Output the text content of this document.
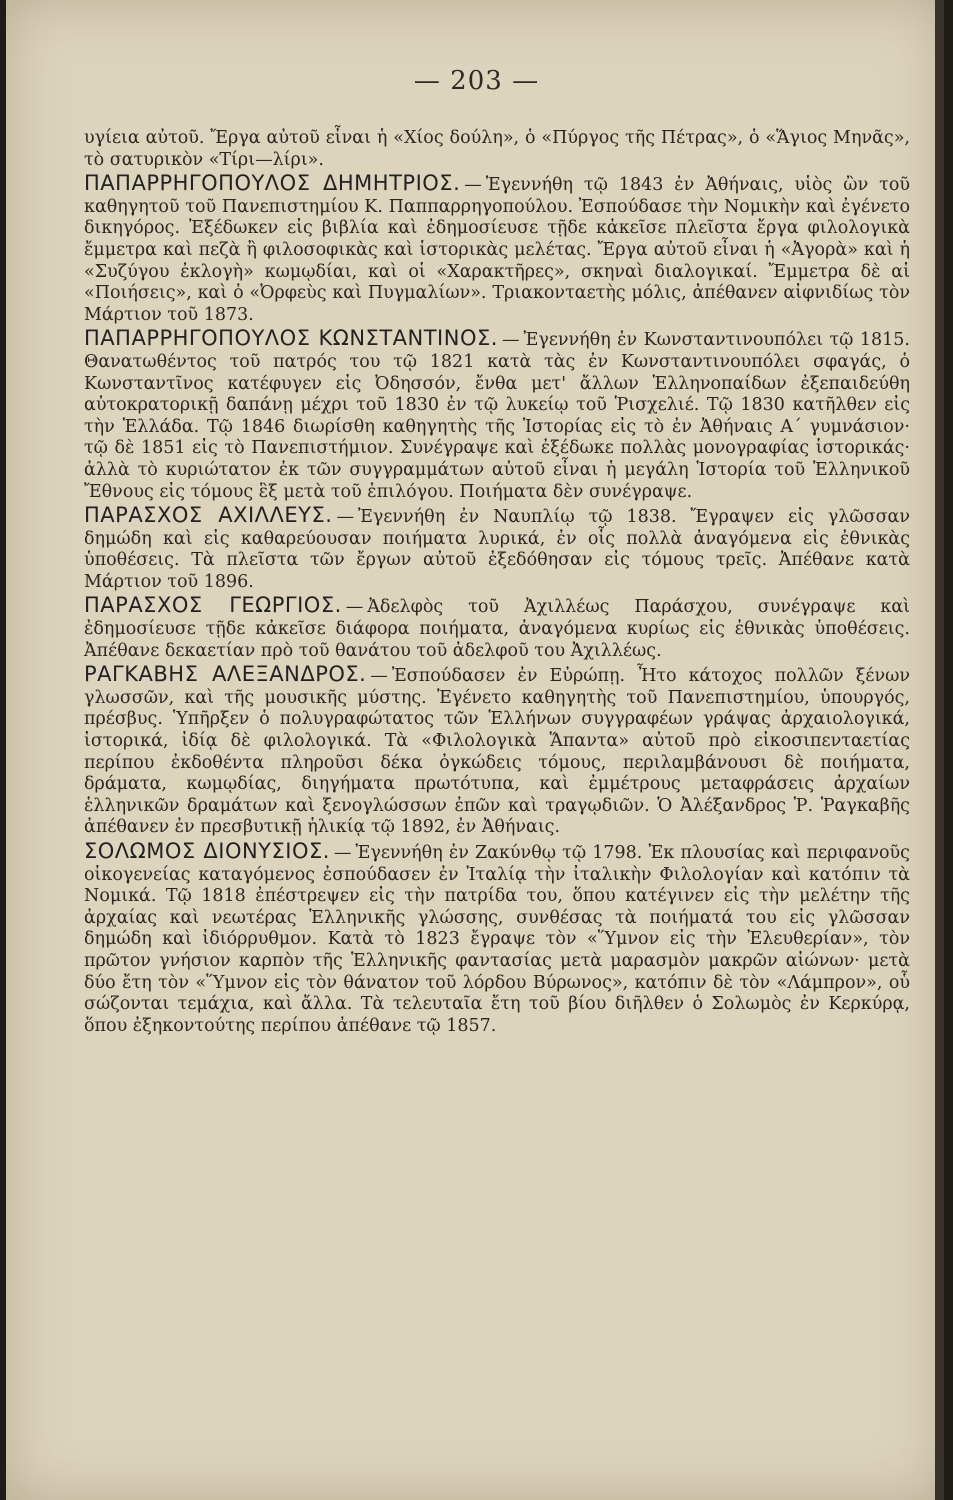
— 203 —

υγίεια αὐτοῦ. Ἔργα αὐτοῦ εἶναι ἡ «Χίος δούλη», ὁ «Πύργος τῆς Πέτρας», ὁ «Ἅγιος Μηνᾶς», τὸ σατυρικὸν «Τίρι—λίρι».

ΠΑΠΑΡΡΗΓΟΠΟΥΛΟΣ ΔΗΜΗΤΡΙΟΣ. — Ἐγεννήθη τῷ 1843 ἐν Ἀθήναις, υἱὸς ὢν τοῦ καθηγητοῦ τοῦ Πανεπιστημίου Κ. Παππαρρηγοπούλου. Ἐσπούδασε τὴν Νομικὴν καὶ ἐγένετο δικηγόρος. Ἐξέδωκεν εἰς βιβλία καὶ ἐδημοσίευσε τῇδε κἀκεῖσε πλεῖστα ἔργα φιλολογικὰ ἔμμετρα καὶ πεζὰ ἢ φιλοσοφικὰς καὶ ἱστορικὰς μελέτας. Ἔργα αὐτοῦ εἶναι ἡ «Ἀγορὰ» καὶ ἡ «Συζύγου ἐκλογὴ» κωμῳδίαι, καὶ οἱ «Χαρακτῆρες», σκηναὶ διαλογικαί. Ἔμμετρα δὲ αἱ «Ποιήσεις», καὶ ὁ «Ὀρφεὺς καὶ Πυγμαλίων». Τριακονταετὴς μόλις, ἀπέθανεν αἰφνιδίως τὸν Μάρτιον τοῦ 1873.

ΠΑΠΑΡΡΗΓΟΠΟΥΛΟΣ ΚΩΝΣΤΑΝΤΙΝΟΣ. — Ἐγεννήθη ἐν Κωνσταντινουπόλει τῷ 1815. Θανατωθέντος τοῦ πατρός του τῷ 1821 κατὰ τὰς ἐν Κωνσταντινουπόλει σφαγάς, ὁ Κωνσταντῖνος κατέφυγεν εἰς Ὀδησσόν, ἔνθα μετ' ἄλλων Ἑλληνοπαίδων ἐξεπαιδεύθη αὐτοκρατορικῇ δαπάνῃ μέχρι τοῦ 1830 ἐν τῷ λυκείῳ τοῦ Ῥισχελιέ. Τῷ 1830 κατῆλθεν εἰς τὴν Ἑλλάδα. Τῷ 1846 διωρίσθη καθηγητὴς τῆς Ἱστορίας εἰς τὸ ἐν Ἀθήναις Α΄ γυμνάσιον· τῷ δὲ 1851 εἰς τὸ Πανεπιστήμιον. Συνέγραψε καὶ ἐξέδωκε πολλὰς μονογραφίας ἱστορικάς· ἀλλὰ τὸ κυριώτατον ἐκ τῶν συγγραμμάτων αὐτοῦ εἶναι ἡ μεγάλη Ἱστορία τοῦ Ἑλληνικοῦ Ἔθνους εἰς τόμους ἓξ μετὰ τοῦ ἐπιλόγου. Ποιήματα δὲν συνέγραψε.

ΠΑΡΑΣΧΟΣ ΑΧΙΛΛΕΥΣ. — Ἐγεννήθη ἐν Ναυπλίῳ τῷ 1838. Ἔγραψεν εἰς γλῶσσαν δημώδη καὶ εἰς καθαρεύουσαν ποιήματα λυρικά, ἐν οἷς πολλὰ ἀναγόμενα εἰς ἐθνικὰς ὑποθέσεις. Τὰ πλεῖστα τῶν ἔργων αὐτοῦ ἐξεδόθησαν εἰς τόμους τρεῖς. Ἀπέθανε κατὰ Μάρτιον τοῦ 1896.

ΠΑΡΑΣΧΟΣ ΓΕΩΡΓΙΟΣ. — Ἀδελφὸς τοῦ Ἀχιλλέως Παράσχου, συνέγραψε καὶ ἐδημοσίευσε τῇδε κἀκεῖσε διάφορα ποιήματα, ἀναγόμενα κυρίως εἰς ἐθνικὰς ὑποθέσεις. Ἀπέθανε δεκαετίαν πρὸ τοῦ θανάτου τοῦ ἀδελφοῦ του Ἀχιλλέως.

ΡΑΓΚΑΒΗΣ ΑΛΕΞΑΝΔΡΟΣ. — Ἐσπούδασεν ἐν Εὐρώπῃ. Ἦτο κάτοχος πολλῶν ξένων γλωσσῶν, καὶ τῆς μουσικῆς μύστης. Ἐγένετο καθηγητὴς τοῦ Πανεπιστημίου, ὑπουργός, πρέσβυς. Ὑπῆρξεν ὁ πολυγραφώτατος τῶν Ἑλλήνων συγγραφέων γράψας ἀρχαιολογικά, ἱστορικά, ἰδίᾳ δὲ φιλολογικά. Τὰ «Φιλολογικὰ Ἅπαντα» αὐτοῦ πρὸ εἰκοσιπενταετίας περίπου ἐκδοθέντα πληροῦσι δέκα ὀγκώδεις τόμους, περιλαμβάνουσι δὲ ποιήματα, δράματα, κωμῳδίας, διηγήματα πρωτότυπα, καὶ ἐμμέτρους μεταφράσεις ἀρχαίων ἑλληνικῶν δραμάτων καὶ ξενογλώσσων ἐπῶν καὶ τραγῳδιῶν. Ὁ Ἀλέξανδρος Ῥ. Ῥαγκαβῆς ἀπέθανεν ἐν πρεσβυτικῇ ἡλικίᾳ τῷ 1892, ἐν Ἀθήναις.

ΣΟΛΩΜΟΣ ΔΙΟΝΥΣΙΟΣ. — Ἐγεννήθη ἐν Ζακύνθῳ τῷ 1798. Ἐκ πλουσίας καὶ περιφανοῦς οἰκογενείας καταγόμενος ἐσπούδασεν ἐν Ἰταλίᾳ τὴν ἰταλικὴν Φιλολογίαν καὶ κατόπιν τὰ Νομικά. Τῷ 1818 ἐπέστρεψεν εἰς τὴν πατρίδα του, ὅπου κατέγινεν εἰς τὴν μελέτην τῆς ἀρχαίας καὶ νεωτέρας Ἑλληνικῆς γλώσσης, συνθέσας τὰ ποιήματά του εἰς γλῶσσαν δημώδη καὶ ἰδιόρρυθμον. Κατὰ τὸ 1823 ἔγραψε τὸν «Ὕμνον εἰς τὴν Ἐλευθερίαν», τὸν πρῶτον γνήσιον καρπὸν τῆς Ἑλληνικῆς φαντασίας μετὰ μαρασμὸν μακρῶν αἰώνων· μετὰ δύο ἔτη τὸν «Ὕμνον εἰς τὸν θάνατον τοῦ λόρδου Βύρωνος», κατόπιν δὲ τὸν «Λάμπρον», οὗ σώζονται τεμάχια, καὶ ἄλλα. Τὰ τελευταῖα ἔτη τοῦ βίου διῆλθεν ὁ Σολωμὸς ἐν Κερκύρᾳ, ὅπου ἐξηκοντούτης περίπου ἀπέθανε τῷ 1857.
